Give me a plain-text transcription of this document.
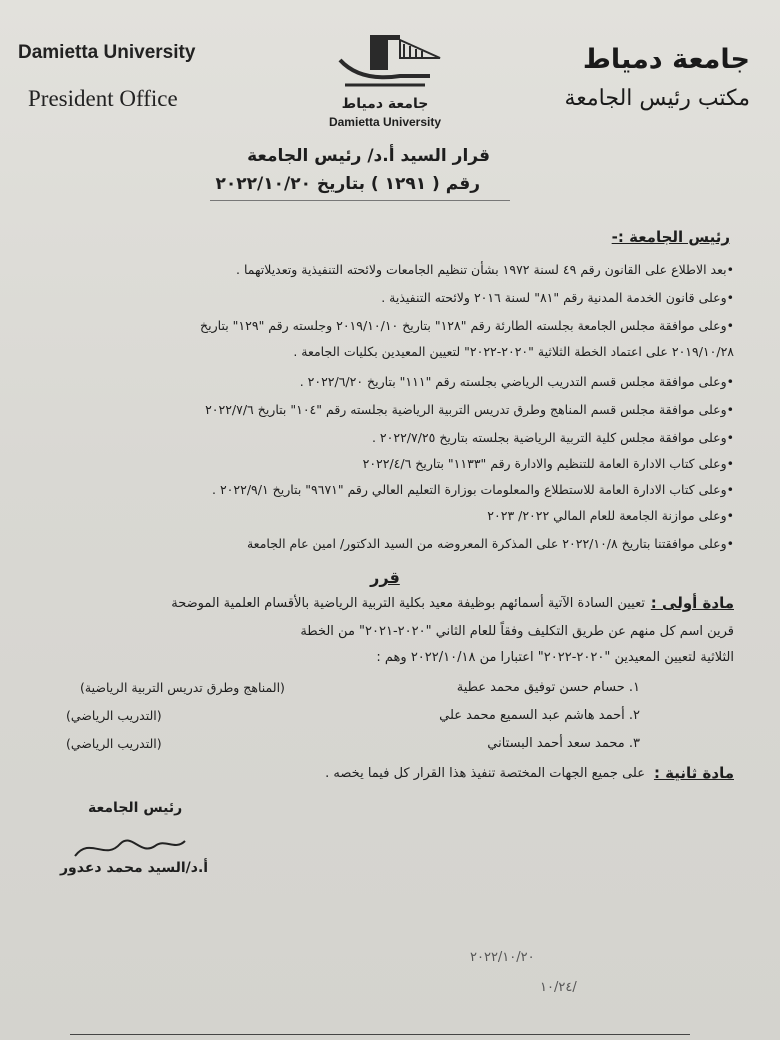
Damietta University
President Office
جامعة دمياط
مكتب رئيس الجامعة
جامعة دمياط
Damietta University
قرار السيد أ.د/ رئيس الجامعة
رقم ( ١٢٩١ ) بتاريخ ٢٠٢٢/١٠/٢٠
رئيس الجامعة :-
•بعد الاطلاع على القانون رقم ٤٩ لسنة ١٩٧٢ بشأن تنظيم الجامعات ولائحته التنفيذية وتعديلاتهما .
•وعلى قانون الخدمة المدنية رقم "٨١" لسنة ٢٠١٦ ولائحته التنفيذية .
•وعلى موافقة مجلس الجامعة بجلسته الطارئة رقم "١٢٨" بتاريخ ٢٠١٩/١٠/١٠ وجلسته رقم "١٢٩" بتاريخ
٢٠١٩/١٠/٢٨ على اعتماد الخطة الثلاثية "٢٠٢٠-٢٠٢٢" لتعيين المعيدين بكليات الجامعة .
•وعلى موافقة مجلس قسم التدريب الرياضي بجلسته رقم "١١١" بتاريخ ٢٠٢٢/٦/٢٠ .
•وعلى موافقة مجلس قسم المناهج وطرق تدريس التربية الرياضية بجلسته رقم "١٠٤" بتاريخ ٢٠٢٢/٧/٦
•وعلى موافقة مجلس كلية التربية الرياضية بجلسته بتاريخ ٢٠٢٢/٧/٢٥ .
•وعلى كتاب الادارة العامة للتنظيم والادارة رقم "١١٣٣" بتاريخ ٢٠٢٢/٤/٦
•وعلى كتاب الادارة العامة للاستطلاع والمعلومات بوزارة التعليم العالي رقم "٩٦٧١" بتاريخ ٢٠٢٢/٩/١ .
•وعلى موازنة الجامعة للعام المالي ٢٠٢٢/ ٢٠٢٣
•وعلى موافقتنا بتاريخ ٢٠٢٢/١٠/٨ على المذكرة المعروضه من السيد الدكتور/ امين عام الجامعة
قرر
مادة أولى :
تعيين السادة الآتية أسمائهم بوظيفة معيد بكلية التربية الرياضية بالأقسام العلمية الموضحة
قرين اسم كل منهم عن طريق التكليف وفقاً للعام الثاني "٢٠٢٠-٢٠٢١" من الخطة
الثلاثية لتعيين المعيدين "٢٠٢٠-٢٠٢٢" اعتبارا من ٢٠٢٢/١٠/١٨ وهم :
١. حسام حسن توفيق محمد عطية
(المناهج وطرق تدريس التربية الرياضية)
٢. أحمد هاشم عبد السميع محمد علي
(التدريب الرياضي)
٣. محمد سعد أحمد البستاني
(التدريب الرياضي)
مادة ثانية :
على جميع الجهات المختصة تنفيذ هذا القرار كل فيما يخصه .
رئيس الجامعة
أ.د/السيد محمد دعدور
٢٠٢٢/١٠/٢٠
١٠/٢٤/
